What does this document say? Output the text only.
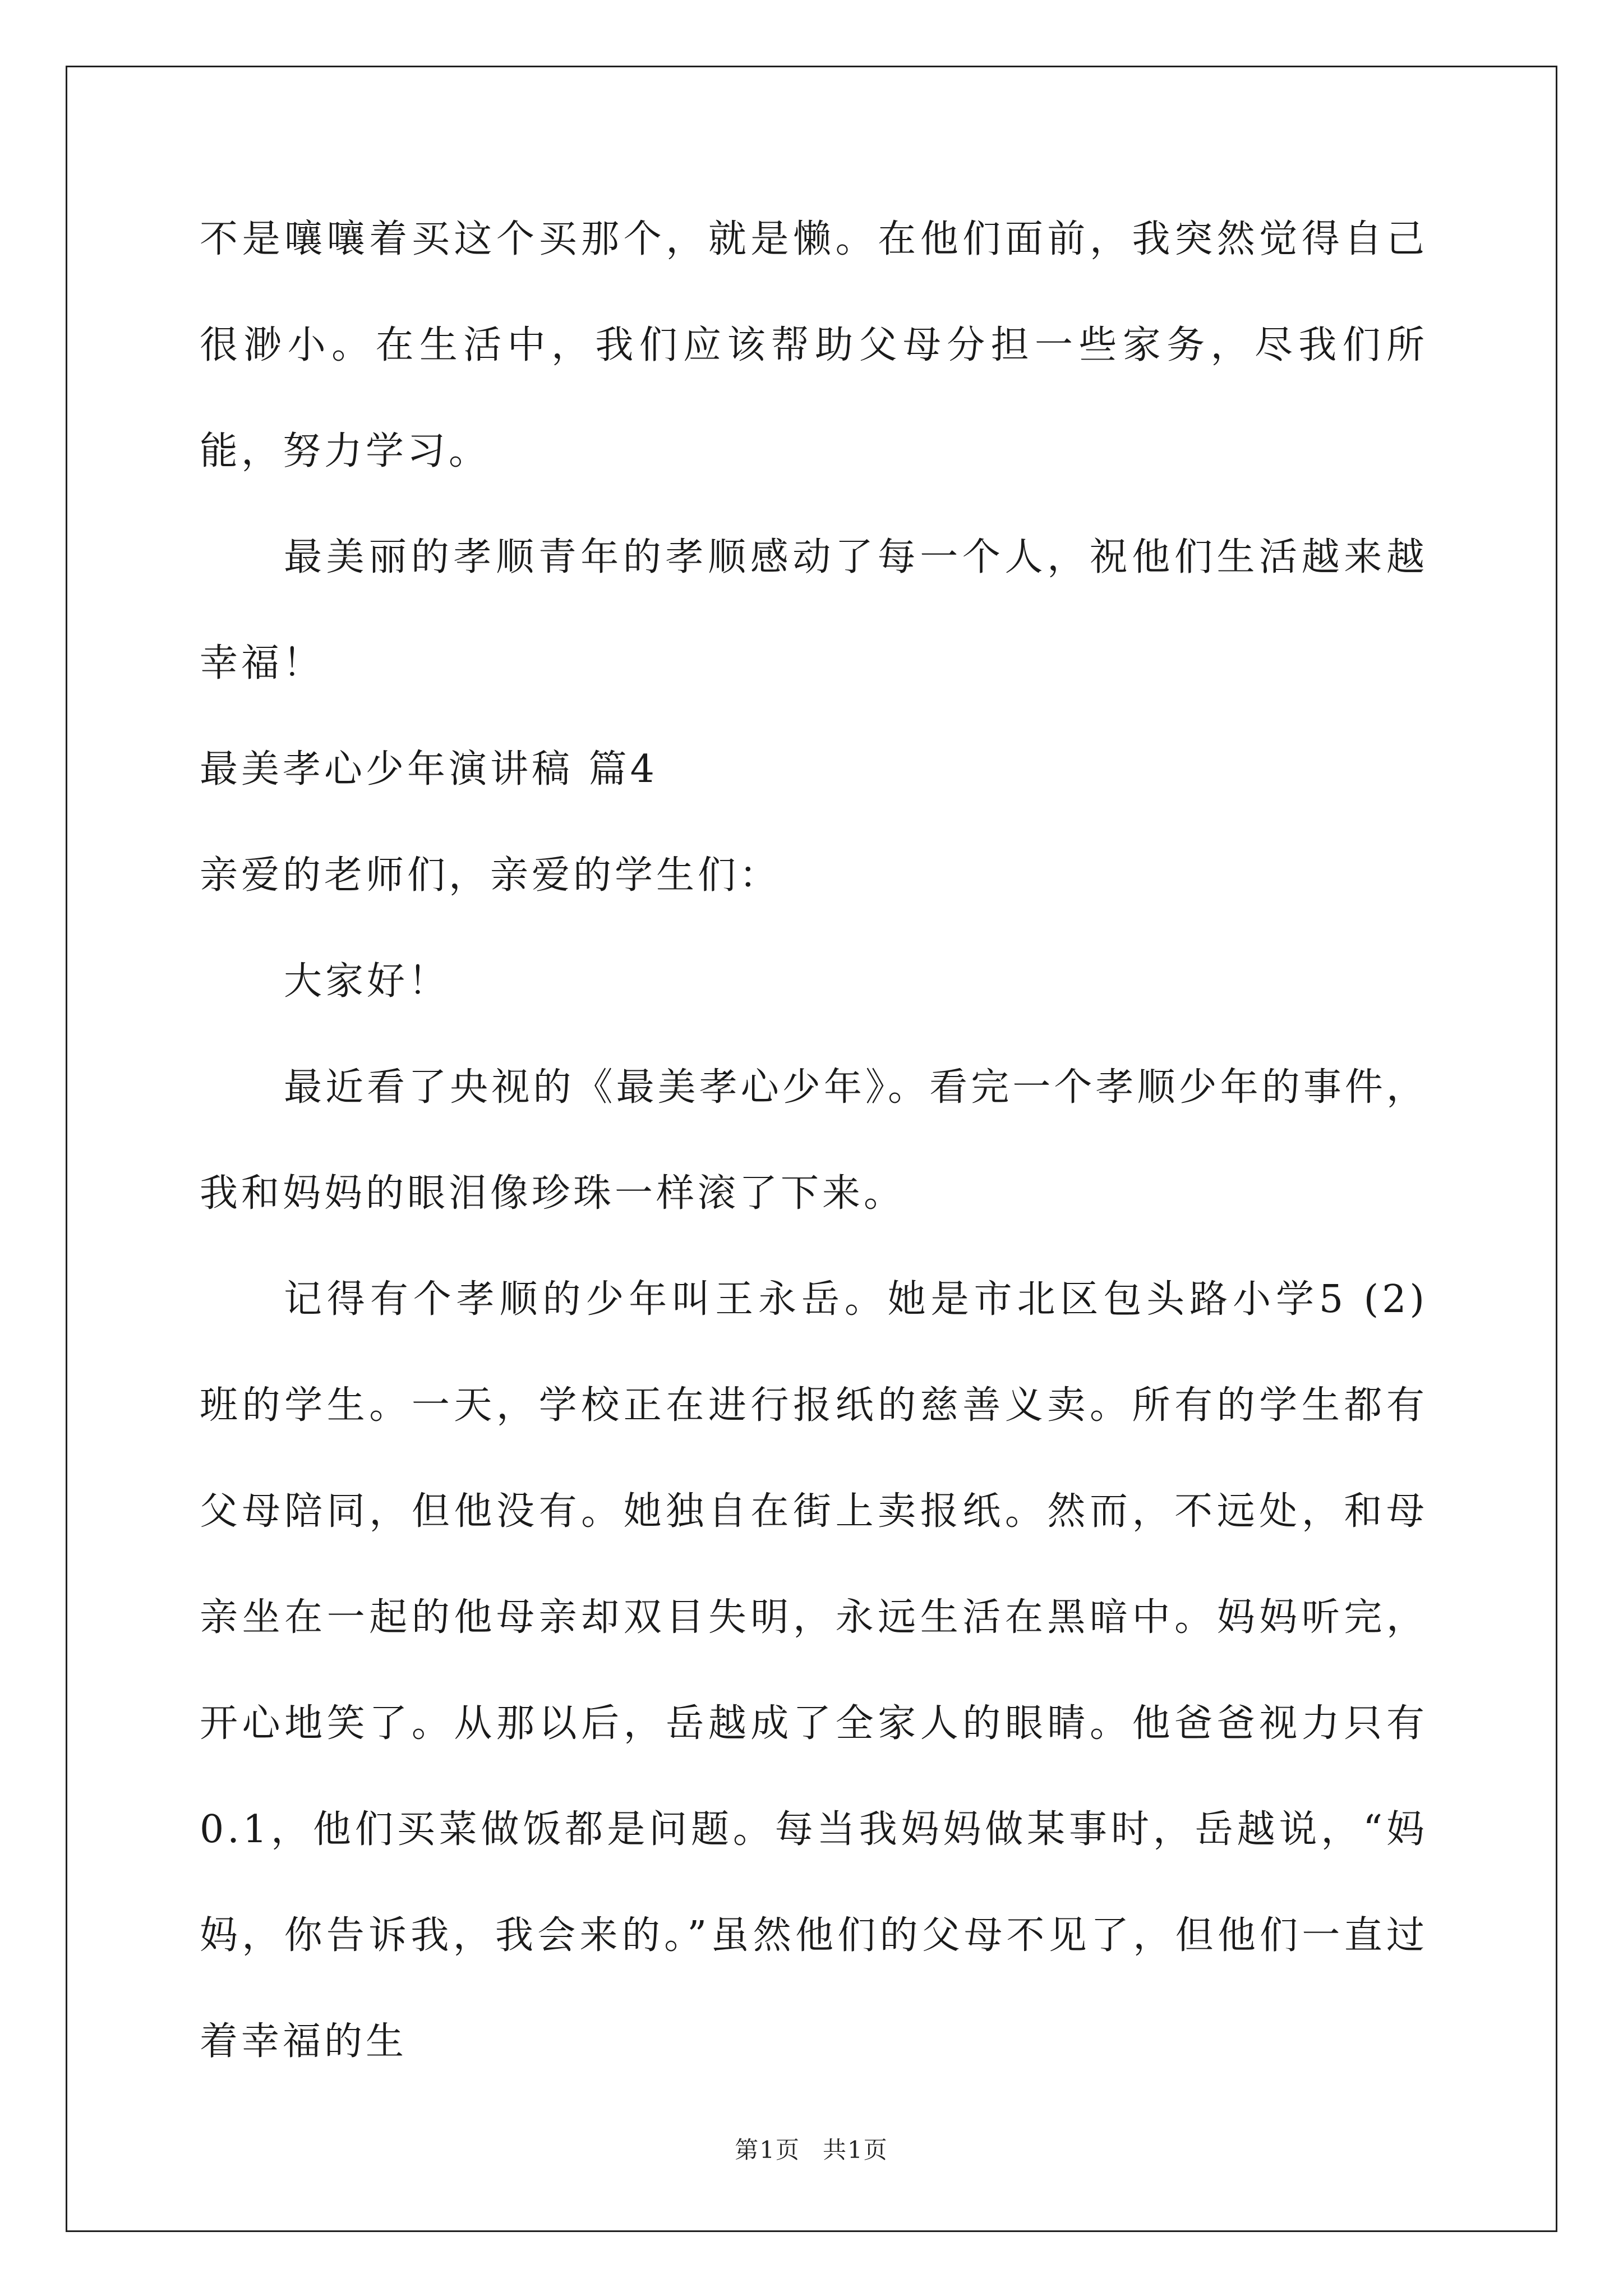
不是嚷嚷着买这个买那个，就是懒。在他们面前，我突然觉得自己很渺小。在生活中，我们应该帮助父母分担一些家务，尽我们所能，努力学习。

最美丽的孝顺青年的孝顺感动了每一个人，祝他们生活越来越幸福！

最美孝心少年演讲稿 篇4

亲爱的老师们，亲爱的学生们：

大家好！

最近看了央视的《最美孝心少年》。看完一个孝顺少年的事件，我和妈妈的眼泪像珍珠一样滚了下来。

记得有个孝顺的少年叫王永岳。她是市北区包头路小学5 (2)班的学生。一天，学校正在进行报纸的慈善义卖。所有的学生都有父母陪同，但他没有。她独自在街上卖报纸。然而，不远处，和母亲坐在一起的他母亲却双目失明，永远生活在黑暗中。妈妈听完，开心地笑了。从那以后，岳越成了全家人的眼睛。他爸爸视力只有0.1，他们买菜做饭都是问题。每当我妈妈做某事时，岳越说，“妈妈，你告诉我，我会来的。”虽然他们的父母不见了，但他们一直过着幸福的生

第1页 共1页
